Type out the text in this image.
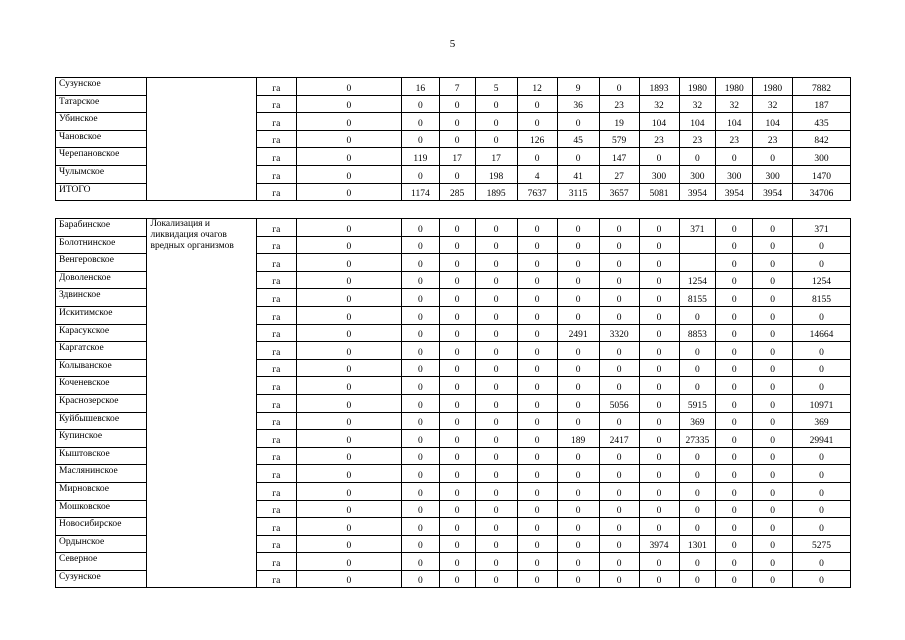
5
Сузунское		га	0	16	7	5	12	9	0	1893	1980	1980	1980	7882
Татарское		га	0	0	0	0	0	36	23	32	32	32	32	187
Убинское		га	0	0	0	0	0	0	19	104	104	104	104	435
Чановское		га	0	0	0	0	126	45	579	23	23	23	23	842
Черепановское		га	0	119	17	17	0	0	147	0	0	0	0	300
Чулымское		га	0	0	0	198	4	41	27	300	300	300	300	1470
ИТОГО		га	0	1174	285	1895	7637	3115	3657	5081	3954	3954	3954	34706
Барабинское	Локализация и ликвидация очагов вредных организмов	га	0	0	0	0	0	0	0	0	371	0	0	371
Болотнинское		га	0	0	0	0	0	0	0	0		0	0	0
Венгеровское		га	0	0	0	0	0	0	0	0		0	0	0
Доволенское		га	0	0	0	0	0	0	0	0	1254	0	0	1254
Здвинское		га	0	0	0	0	0	0	0	0	8155	0	0	8155
Искитимское		га	0	0	0	0	0	0	0	0	0	0	0	0
Карасукское		га	0	0	0	0	0	2491	3320	0	8853	0	0	14664
Каргатское		га	0	0	0	0	0	0	0	0	0	0	0	0
Колыванское		га	0	0	0	0	0	0	0	0	0	0	0	0
Коченевское		га	0	0	0	0	0	0	0	0	0	0	0	0
Краснозерское		га	0	0	0	0	0	0	5056	0	5915	0	0	10971
Куйбышевское		га	0	0	0	0	0	0	0	0	369	0	0	369
Купинское		га	0	0	0	0	0	189	2417	0	27335	0	0	29941
Кыштовское		га	0	0	0	0	0	0	0	0	0	0	0	0
Маслянинское		га	0	0	0	0	0	0	0	0	0	0	0	0
Мирновское		га	0	0	0	0	0	0	0	0	0	0	0	0
Мошковское		га	0	0	0	0	0	0	0	0	0	0	0	0
Новосибирское		га	0	0	0	0	0	0	0	0	0	0	0	0
Ордынское		га	0	0	0	0	0	0	0	3974	1301	0	0	5275
Северное		га	0	0	0	0	0	0	0	0	0	0	0	0
Сузунское		га	0	0	0	0	0	0	0	0	0	0	0	0
